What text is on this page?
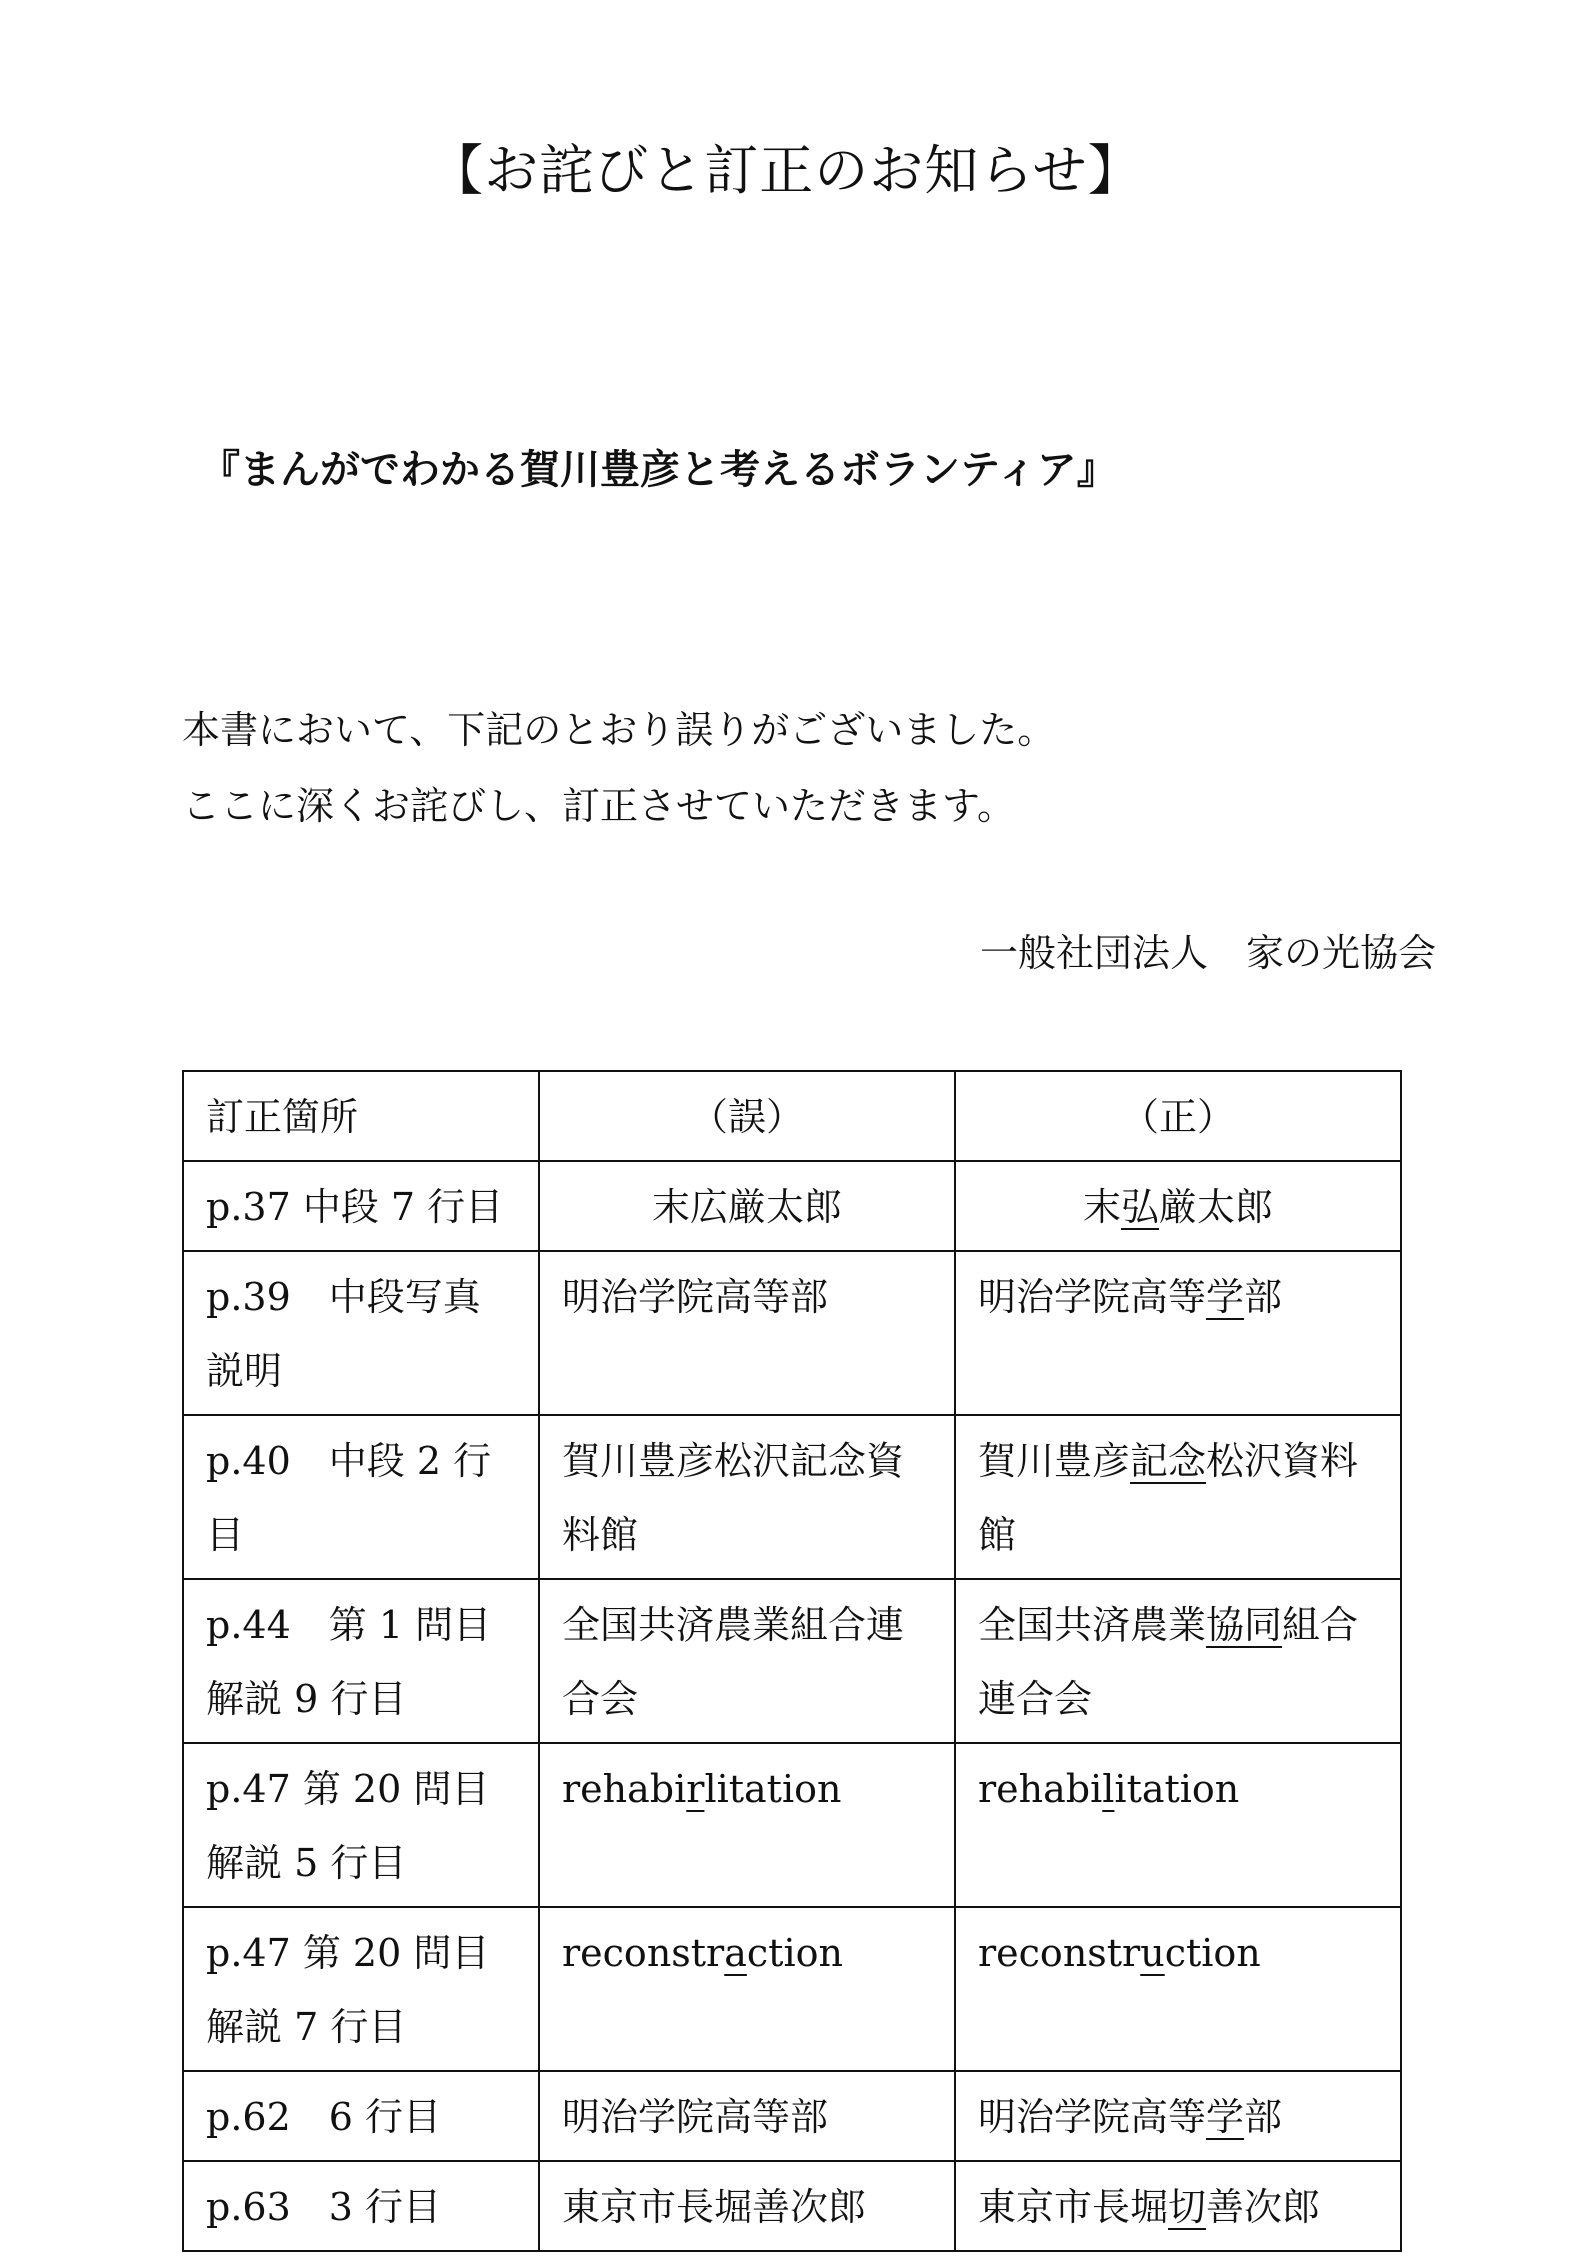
【お詫びと訂正のお知らせ】
『まんがでわかる賀川豊彦と考えるボランティア』
本書において、下記のとおり誤りがございました。
ここに深くお詫びし、訂正させていただきます。
一般社団法人　家の光協会
訂正箇所	（誤）	（正）
p.37 中段 7 行目	末広厳太郎	末弘厳太郎
p.39　中段写真説明	明治学院高等部	明治学院高等学部
p.40　中段 2 行目	賀川豊彦松沢記念資料館	賀川豊彦記念松沢資料館
p.44　第 1 問目解説 9 行目	全国共済農業組合連合会	全国共済農業協同組合連合会
p.47 第 20 問目解説 5 行目	rehabirlitation	rehabilitation
p.47 第 20 問目解説 7 行目	reconstraction	reconstruction
p.62　6 行目	明治学院高等部	明治学院高等学部
p.63　3 行目	東京市長堀善次郎	東京市長堀切善次郎
